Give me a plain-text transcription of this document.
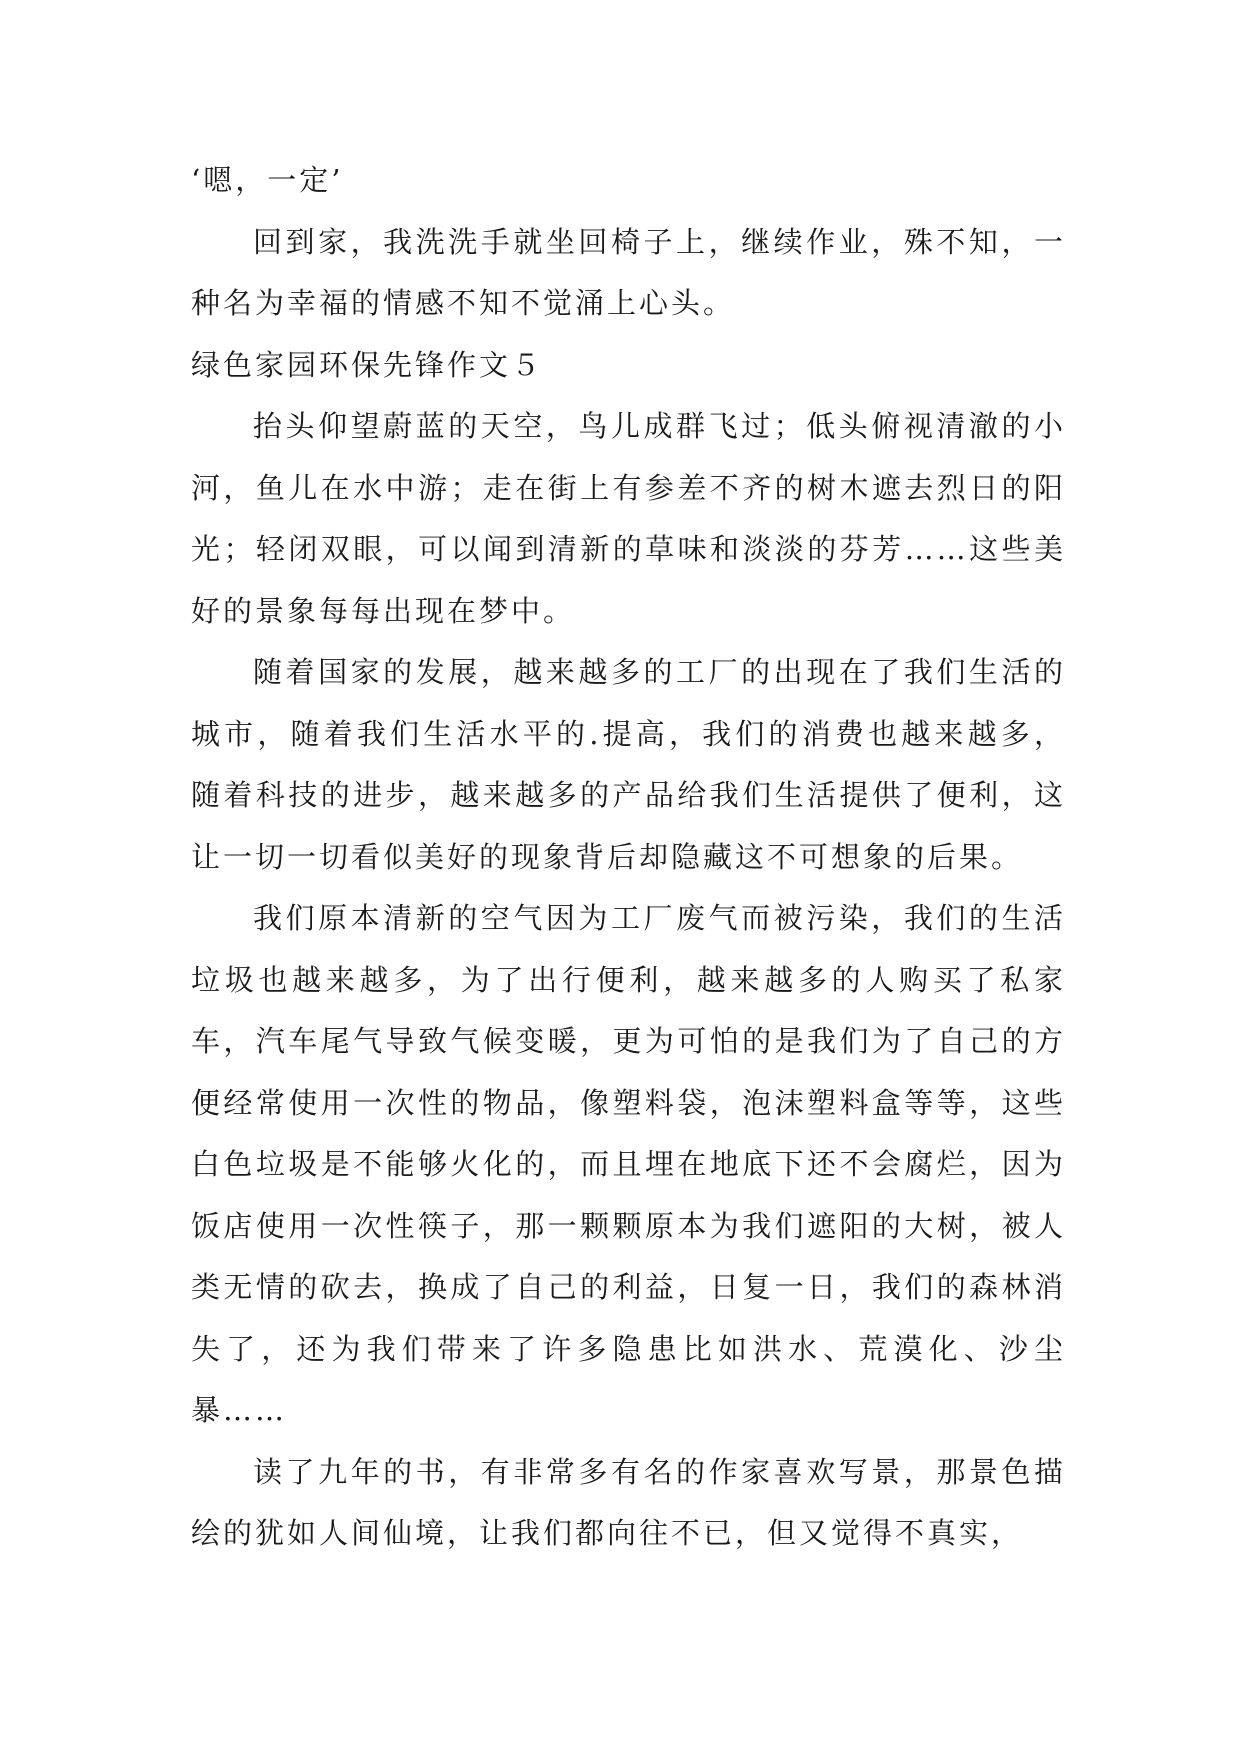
‘嗯，一定’

回到家，我洗洗手就坐回椅子上，继续作业，殊不知，一种名为幸福的情感不知不觉涌上心头。

绿色家园环保先锋作文５

抬头仰望蔚蓝的天空，鸟儿成群飞过；低头俯视清澈的小河，鱼儿在水中游；走在街上有参差不齐的树木遮去烈日的阳光；轻闭双眼，可以闻到清新的草味和淡淡的芬芳……这些美好的景象每每出现在梦中。

随着国家的发展，越来越多的工厂的出现在了我们生活的城市，随着我们生活水平的.提高，我们的消费也越来越多，随着科技的进步，越来越多的产品给我们生活提供了便利，这让一切一切看似美好的现象背后却隐藏这不可想象的后果。

我们原本清新的空气因为工厂废气而被污染，我们的生活垃圾也越来越多，为了出行便利，越来越多的人购买了私家车，汽车尾气导致气候变暖，更为可怕的是我们为了自己的方便经常使用一次性的物品，像塑料袋，泡沫塑料盒等等，这些白色垃圾是不能够火化的，而且埋在地底下还不会腐烂，因为饭店使用一次性筷子，那一颗颗原本为我们遮阳的大树，被人类无情的砍去，换成了自己的利益，日复一日，我们的森林消失了，还为我们带来了许多隐患比如洪水、荒漠化、沙尘暴……

读了九年的书，有非常多有名的作家喜欢写景，那景色描绘的犹如人间仙境，让我们都向往不已，但又觉得不真实，
